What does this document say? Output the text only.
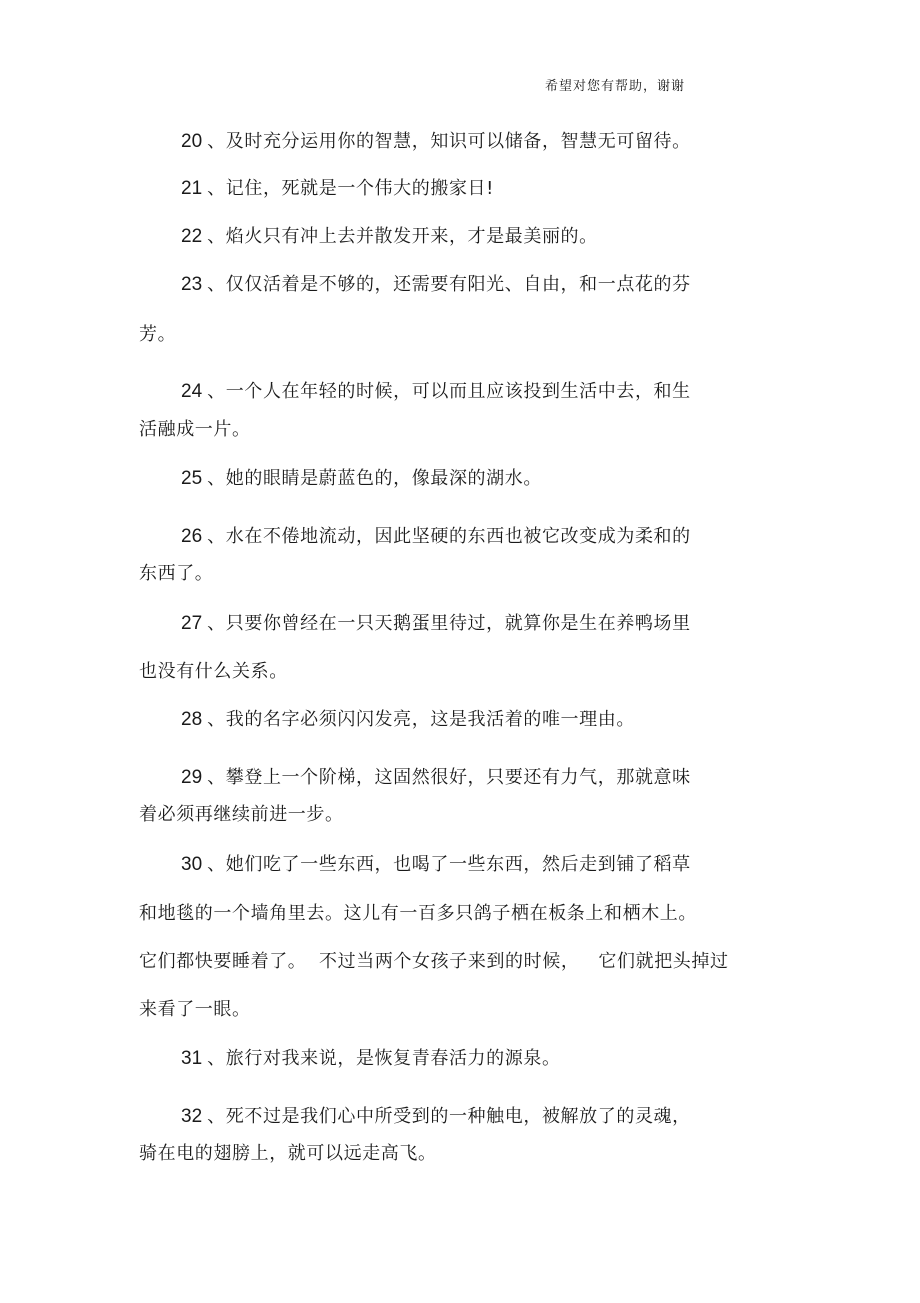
希望对您有帮助，谢谢
20 、及时充分运用你的智慧，知识可以储备，智慧无可留待。
21 、记住，死就是一个伟大的搬家日!
22 、焰火只有冲上去并散发开来，才是最美丽的。
23 、仅仅活着是不够的，还需要有阳光、自由，和一点花的芬
芳。
24 、一个人在年轻的时候，可以而且应该投到生活中去，和生
活融成一片。
25 、她的眼睛是蔚蓝色的，像最深的湖水。
26 、水在不倦地流动，因此坚硬的东西也被它改变成为柔和的
东西了。
27 、只要你曾经在一只天鹅蛋里待过，就算你是生在养鸭场里
也没有什么关系。
28 、我的名字必须闪闪发亮，这是我活着的唯一理由。
29 、攀登上一个阶梯，这固然很好，只要还有力气，那就意味
着必须再继续前进一步。
30 、她们吃了一些东西，也喝了一些东西，然后走到铺了稻草
和地毯的一个墙角里去。这儿有一百多只鸽子栖在板条上和栖木上。
它们都快要睡着了。  不过当两个女孩子来到的时候，   它们就把头掉过
来看了一眼。
31 、旅行对我来说，是恢复青春活力的源泉。
32 、死不过是我们心中所受到的一种触电，被解放了的灵魂，
骑在电的翅膀上，就可以远走高飞。
